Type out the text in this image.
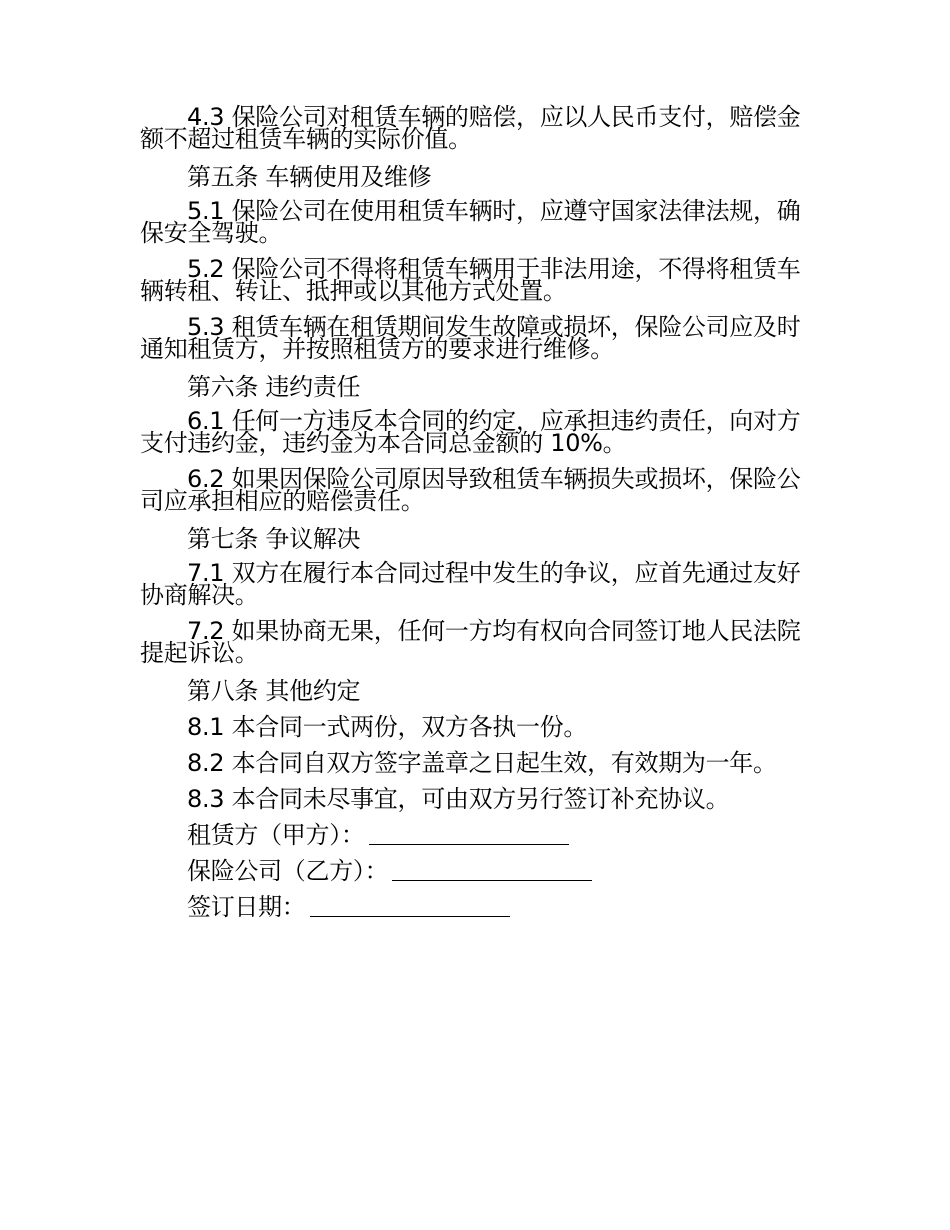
4.3 保险公司对租赁车辆的赔偿，应以人民币支付，赔偿金额不超过租赁车辆的实际价值。

第五条 车辆使用及维修

5.1 保险公司在使用租赁车辆时，应遵守国家法律法规，确保安全驾驶。

5.2 保险公司不得将租赁车辆用于非法用途，不得将租赁车辆转租、转让、抵押或以其他方式处置。

5.3 租赁车辆在租赁期间发生故障或损坏，保险公司应及时通知租赁方，并按照租赁方的要求进行维修。

第六条 违约责任

6.1 任何一方违反本合同的约定，应承担违约责任，向对方支付违约金，违约金为本合同总金额的 10%。

6.2 如果因保险公司原因导致租赁车辆损失或损坏，保险公司应承担相应的赔偿责任。

第七条 争议解决

7.1 双方在履行本合同过程中发生的争议，应首先通过友好协商解决。

7.2 如果协商无果，任何一方均有权向合同签订地人民法院提起诉讼。

第八条 其他约定

8.1 本合同一式两份，双方各执一份。

8.2 本合同自双方签字盖章之日起生效，有效期为一年。

8.3 本合同未尽事宜，可由双方另行签订补充协议。

租赁方（甲方）：
保险公司（乙方）：
签订日期：
